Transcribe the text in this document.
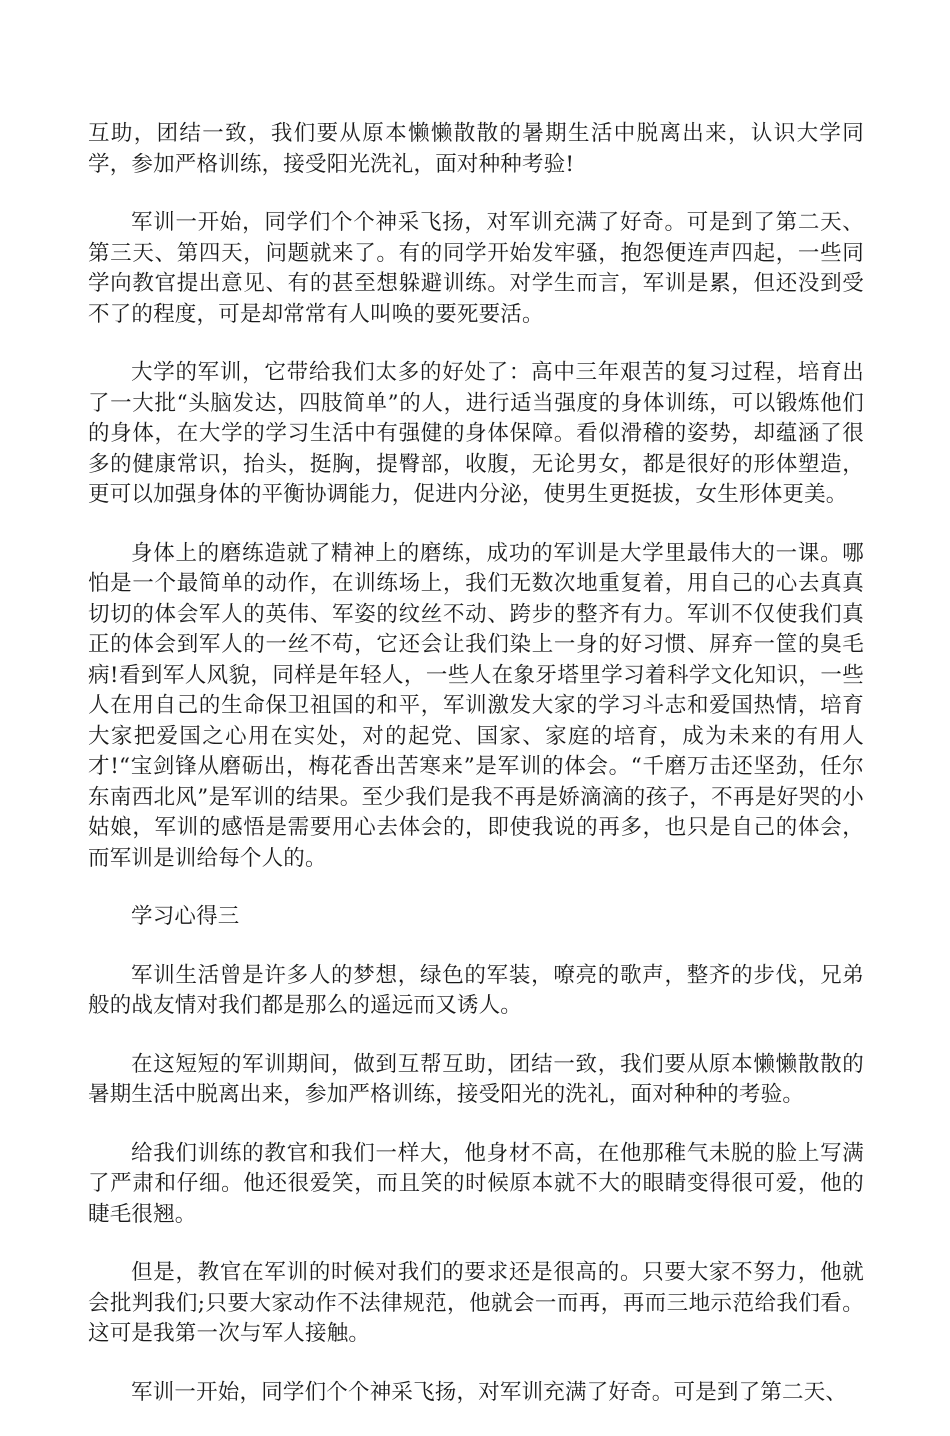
互助，团结一致，我们要从原本懒懒散散的暑期生活中脱离出来，认识大学同学，参加严格训练，接受阳光洗礼，面对种种考验!

军训一开始，同学们个个神采飞扬，对军训充满了好奇。可是到了第二天、第三天、第四天，问题就来了。有的同学开始发牢骚，抱怨便连声四起，一些同学向教官提出意见、有的甚至想躲避训练。对学生而言，军训是累，但还没到受不了的程度，可是却常常有人叫唤的要死要活。

大学的军训，它带给我们太多的好处了：高中三年艰苦的复习过程，培育出了一大批“头脑发达，四肢简单”的人，进行适当强度的身体训练，可以锻炼他们的身体，在大学的学习生活中有强健的身体保障。看似滑稽的姿势，却蕴涵了很多的健康常识，抬头，挺胸，提臀部，收腹，无论男女，都是很好的形体塑造，更可以加强身体的平衡协调能力，促进内分泌，使男生更挺拔，女生形体更美。

身体上的磨练造就了精神上的磨练，成功的军训是大学里最伟大的一课。哪怕是一个最简单的动作，在训练场上，我们无数次地重复着，用自己的心去真真切切的体会军人的英伟、军姿的纹丝不动、跨步的整齐有力。军训不仅使我们真正的体会到军人的一丝不苟，它还会让我们染上一身的好习惯、屏弃一筐的臭毛病!看到军人风貌，同样是年轻人，一些人在象牙塔里学习着科学文化知识，一些人在用自己的生命保卫祖国的和平，军训激发大家的学习斗志和爱国热情，培育大家把爱国之心用在实处，对的起党、国家、家庭的培育，成为未来的有用人才!“宝剑锋从磨砺出，梅花香出苦寒来”是军训的体会。“千磨万击还坚劲，任尔东南西北风”是军训的结果。至少我们是我不再是娇滴滴的孩子，不再是好哭的小姑娘，军训的感悟是需要用心去体会的，即使我说的再多，也只是自己的体会，而军训是训给每个人的。

学习心得三

军训生活曾是许多人的梦想，绿色的军装，嘹亮的歌声，整齐的步伐，兄弟般的战友情对我们都是那么的遥远而又诱人。

在这短短的军训期间，做到互帮互助，团结一致，我们要从原本懒懒散散的暑期生活中脱离出来，参加严格训练，接受阳光的洗礼，面对种种的考验。

给我们训练的教官和我们一样大，他身材不高，在他那稚气未脱的脸上写满了严肃和仔细。他还很爱笑，而且笑的时候原本就不大的眼睛变得很可爱，他的睫毛很翘。

但是，教官在军训的时候对我们的要求还是很高的。只要大家不努力，他就会批判我们;只要大家动作不法律规范，他就会一而再，再而三地示范给我们看。这可是我第一次与军人接触。

军训一开始，同学们个个神采飞扬，对军训充满了好奇。可是到了第二天、
